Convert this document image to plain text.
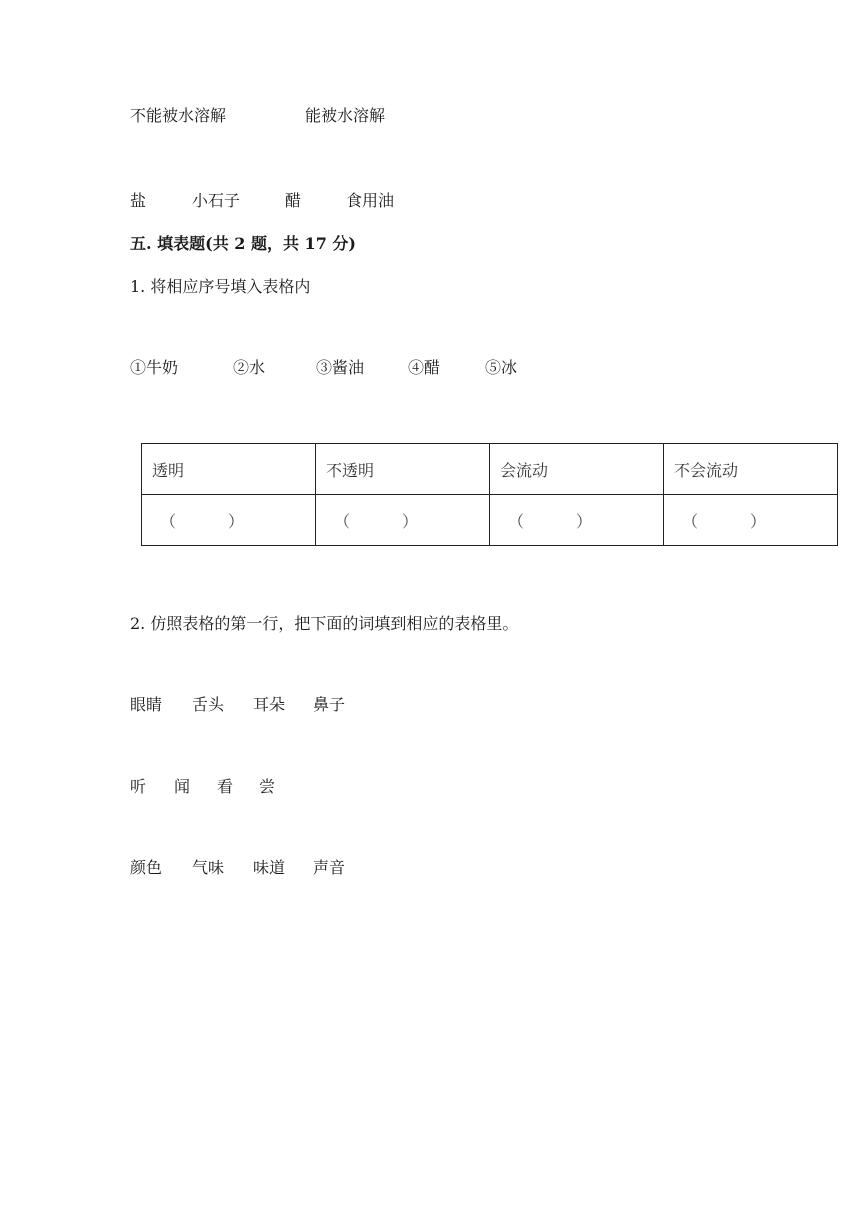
不能被水溶解	能被水溶解
盐	小石子	醋	食用油
五. 填表题(共 2 题，共 17 分)
1. 将相应序号填入表格内
①牛奶	②水	③酱油	④醋	⑤冰
透明	不透明	会流动	不会流动
（ ）	（ ）	（ ）	（ ）
2. 仿照表格的第一行，把下面的词填到相应的表格里。
眼睛 舌头 耳朵 鼻子
听 闻 看 尝
颜色 气味 味道 声音
